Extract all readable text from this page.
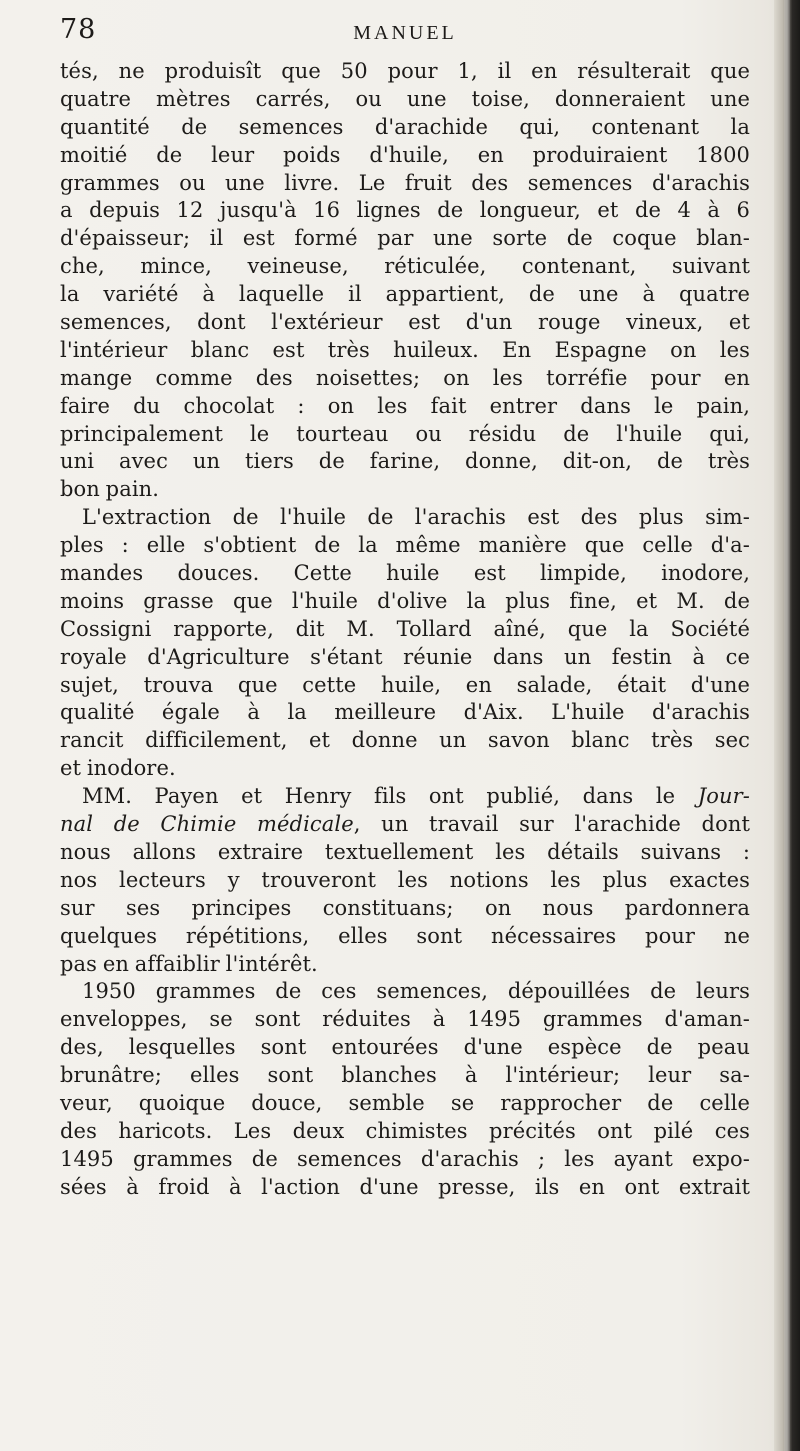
78	MANUEL
tés, ne produisît que 50 pour 1, il en résulterait que
quatre mètres carrés, ou une toise, donneraient une
quantité de semences d'arachide qui, contenant la
moitié de leur poids d'huile, en produiraient 1800
grammes ou une livre. Le fruit des semences d'arachis
a depuis 12 jusqu'à 16 lignes de longueur, et de 4 à 6
d'épaisseur; il est formé par une sorte de coque blan-
che, mince, veineuse, réticulée, contenant, suivant
la variété à laquelle il appartient, de une à quatre
semences, dont l'extérieur est d'un rouge vineux, et
l'intérieur blanc est très huileux. En Espagne on les
mange comme des noisettes; on les torréfie pour en
faire du chocolat : on les fait entrer dans le pain,
principalement le tourteau ou résidu de l'huile qui,
uni avec un tiers de farine, donne, dit-on, de très
bon pain.
L'extraction de l'huile de l'arachis est des plus sim-
ples : elle s'obtient de la même manière que celle d'a-
mandes douces. Cette huile est limpide, inodore,
moins grasse que l'huile d'olive la plus fine, et M. de
Cossigni rapporte, dit M. Tollard aîné, que la Société
royale d'Agriculture s'étant réunie dans un festin à ce
sujet, trouva que cette huile, en salade, était d'une
qualité égale à la meilleure d'Aix. L'huile d'arachis
rancit difficilement, et donne un savon blanc très sec
et inodore.
MM. Payen et Henry fils ont publié, dans le Jour-
nal de Chimie médicale, un travail sur l'arachide dont
nous allons extraire textuellement les détails suivans :
nos lecteurs y trouveront les notions les plus exactes
sur ses principes constituans; on nous pardonnera
quelques répétitions, elles sont nécessaires pour ne
pas en affaiblir l'intérêt.
1950 grammes de ces semences, dépouillées de leurs
enveloppes, se sont réduites à 1495 grammes d'aman-
des, lesquelles sont entourées d'une espèce de peau
brunâtre; elles sont blanches à l'intérieur; leur sa-
veur, quoique douce, semble se rapprocher de celle
des haricots. Les deux chimistes précités ont pilé ces
1495 grammes de semences d'arachis ; les ayant expo-
sées à froid à l'action d'une presse, ils en ont extrait
